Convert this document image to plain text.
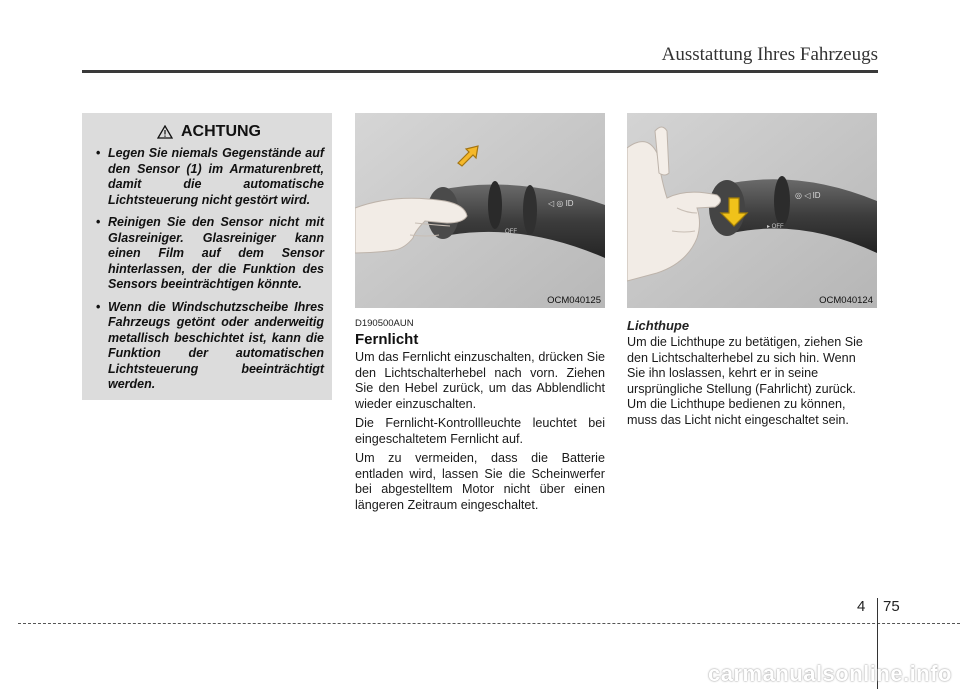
Ausstattung Ihres Fahrzeugs
ACHTUNG
• Legen Sie niemals Gegenstände auf den Sensor (1) im Armaturenbrett, damit die automatische Lichtsteuerung nicht gestört wird.
• Reinigen Sie den Sensor nicht mit Glasreiniger. Glasreiniger kann einen Film auf dem Sensor hinterlassen, der die Funktion des Sensors beeinträchtigen könnte.
• Wenn die Windschutzscheibe Ihres Fahrzeugs getönt oder anderweitig metallisch beschichtet ist, kann die Funktion der automatischen Lichtsteuerung beeinträchtigt werden.
◁ ◎ ID
OFF
OCM040125
◎ ◁ ID
▸ OFF
OCM040124
D190500AUN
Fernlicht

Um das Fernlicht einzuschalten, drücken Sie den Lichtschalterhebel nach vorn. Ziehen Sie den Hebel zurück, um das Abblendlicht wieder einzuschalten.

Die Fernlicht-Kontrollleuchte leuchtet bei eingeschaltetem Fernlicht auf.

Um zu vermeiden, dass die Batterie entladen wird, lassen Sie die Scheinwerfer bei abgestelltem Motor nicht über einen längeren Zeitraum eingeschaltet.

Lichthupe

Um die Lichthupe zu betätigen, ziehen Sie den Lichtschalterhebel zu sich hin. Wenn Sie ihn loslassen, kehrt er in seine ursprüngliche Stellung (Fahrlicht) zurück. Um die Lichthupe bedienen zu können, muss das Licht nicht eingeschaltet sein.

4 75
carmanualsonline.info
